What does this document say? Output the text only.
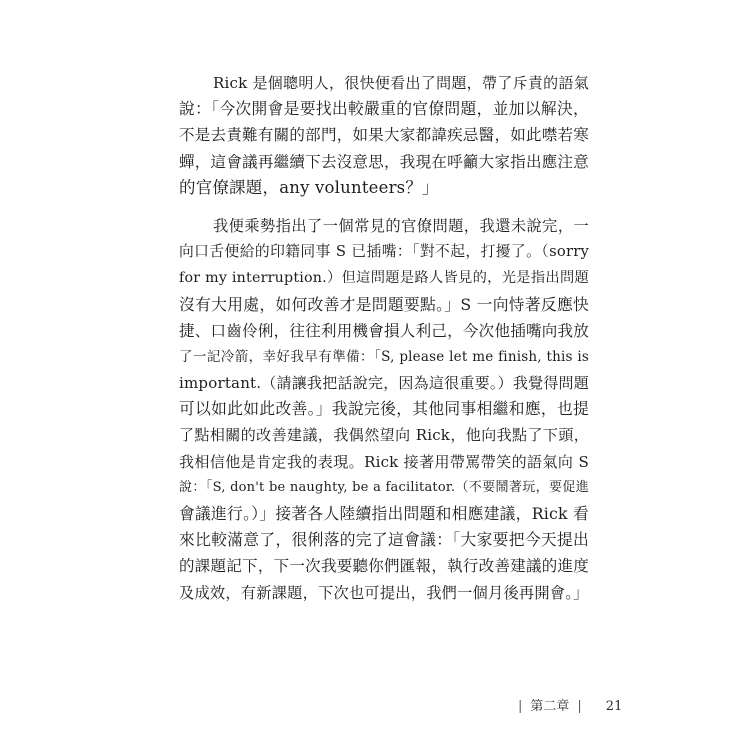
Rick 是個聰明人，很快便看出了問題，帶了斥責的語氣
說：「今次開會是要找出較嚴重的官僚問題，並加以解決，
不是去責難有關的部門，如果大家都諱疾忌醫，如此噤若寒
蟬，這會議再繼續下去沒意思，我現在呼籲大家指出應注意
的官僚課題，any volunteers？」

我便乘勢指出了一個常見的官僚問題，我還未說完，一
向口舌便給的印籍同事 S 已插嘴：「對不起，打擾了。（sorry
for my interruption.）但這問題是路人皆見的，光是指出問題
沒有大用處，如何改善才是問題要點。」S 一向恃著反應快
捷、口齒伶俐，往往利用機會損人利己，今次他插嘴向我放
了一記冷箭，幸好我早有準備：「S, please let me finish, this is
important.（請讓我把話說完，因為這很重要。）我覺得問題
可以如此如此改善。」我說完後，其他同事相繼和應，也提
了點相關的改善建議，我偶然望向 Rick，他向我點了下頭，
我相信他是肯定我的表現。Rick 接著用帶罵帶笑的語氣向 S
說：「S, don't be naughty, be a facilitator.（不要鬧著玩，要促進
會議進行。）」接著各人陸續指出問題和相應建議，Rick 看
來比較滿意了，很俐落的完了這會議：「大家要把今天提出
的課題記下，下一次我要聽你們匯報，執行改善建議的進度
及成效，有新課題，下次也可提出，我們一個月後再開會。」

| 第二章 | 21
